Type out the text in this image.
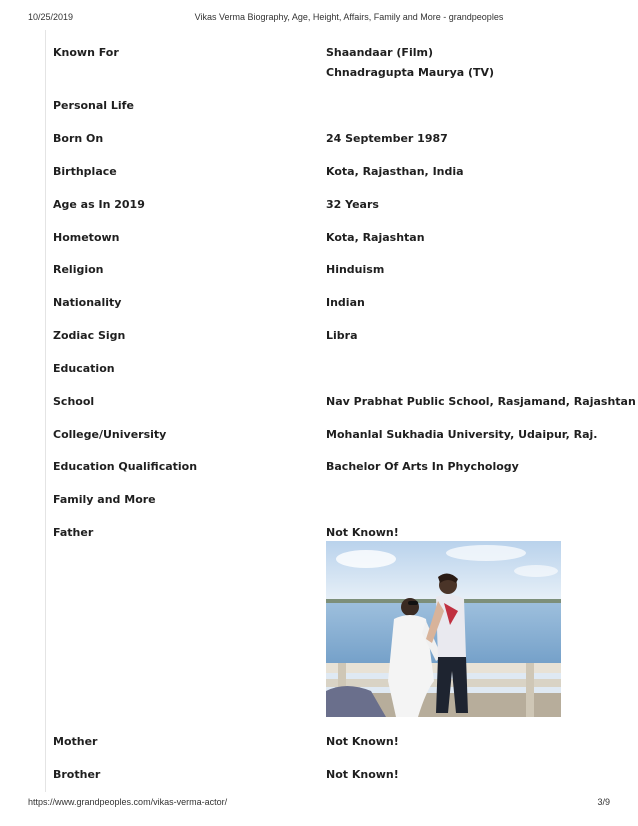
10/25/2019	Vikas Verma Biography, Age, Height, Affairs, Family and More - grandpeoples
Known For	Shaandaar (Film)
Chnadragupta Maurya (TV)
Personal Life
Born On	24 September 1987
Birthplace	Kota, Rajasthan, India
Age as In 2019	32 Years
Hometown	Kota, Rajashtan
Religion	Hinduism
Nationality	Indian
Zodiac Sign	Libra
Education
School	Nav Prabhat Public School, Rasjamand, Rajashtan
College/University	Mohanlal Sukhadia University, Udaipur, Raj.
Education Qualification	Bachelor Of Arts In Phychology
Family and More
Father	Not Known!
Mother	Not Known!
Brother	Not Known!
https://www.grandpeoples.com/vikas-verma-actor/	3/9
